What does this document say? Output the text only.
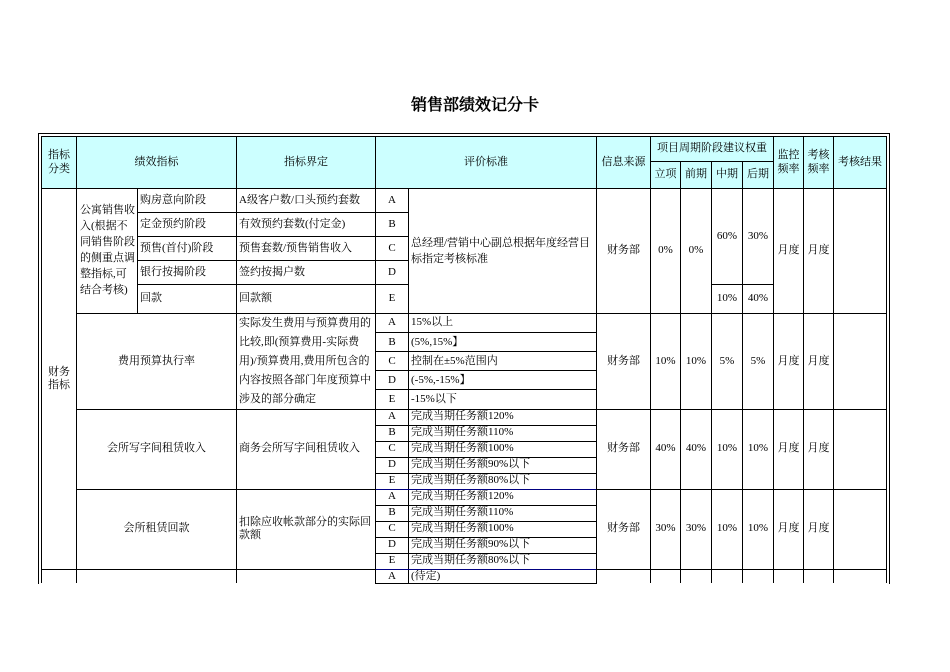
销售部绩效记分卡
指标分类	绩效指标		指标界定	评价标准		信息来源	项目周期阶段建议权重				监控频率	考核频率	考核结果
							立项	前期	中期	后期			
财务指标	公寓销售收入(根据不同销售阶段的侧重点调整指标,可结合考核)	购房意向阶段	A级客户数/口头预约套数	A	总经理/营销中心副总根据年度经营目标指定考核标准	财务部	0%	0%	60%	30%	月度	月度	
		定金预约阶段	有效预约套数(付定金)	B									
		预售(首付)阶段	预售套数/预售销售收入	C									
		银行按揭阶段	签约按揭户数	D									
		回款	回款额	E					10%	40%			
	费用预算执行率		实际发生费用与预算费用的比较,即(预算费用-实际费用)/预算费用,费用所包含的内容按照各部门年度预算中涉及的部分确定	A	15%以上	财务部	10%	10%	5%	5%	月度	月度	
				B	(5%,15%】								
				C	控制在±5%范围内								
				D	(-5%,-15%】								
				E	-15%以下								
	会所写字间租赁收入		商务会所写字间租赁收入	A	完成当期任务额120%	财务部	40%	40%	10%	10%	月度	月度	
				B	完成当期任务额110%								
				C	完成当期任务额100%								
				D	完成当期任务额90%以下								
				E	完成当期任务额80%以下								
	会所租赁回款		扣除应收帐款部分的实际回款额	A	完成当期任务额120%	财务部	30%	30%	10%	10%	月度	月度	
				B	完成当期任务额110%								
				C	完成当期任务额100%								
				D	完成当期任务额90%以下								
				E	完成当期任务额80%以下								
				A	(待定)								
